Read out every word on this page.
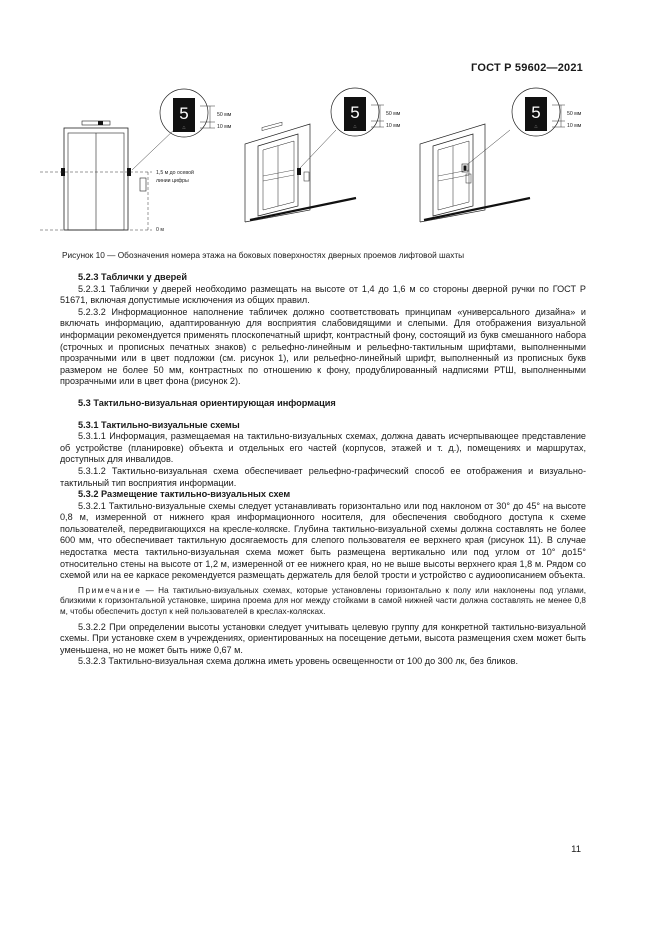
ГОСТ Р 59602—2021
5
∴
50 мм
10 мм
1,5 м до осевой
линии цифры
0 м
5
∴
50 мм
10 мм
5
∴
50 мм
10 мм
Рисунок 10 — Обозначения номера этажа на боковых поверхностях дверных проемов лифтовой шахты
5.2.3 Таблички у дверей

5.2.3.1 Таблички у дверей необходимо размещать на высоте от 1,4 до 1,6 м со стороны дверной ручки по ГОСТ Р 51671, включая допустимые исключения из общих правил.

5.2.3.2 Информационное наполнение табличек должно соответствовать принципам «универсального дизайна» и включать информацию, адаптированную для восприятия слабовидящими и слепыми. Для отображения визуальной информации рекомендуется применять плоскопечатный шрифт, контрастный фону, состоящий из букв смешанного набора (строчных и прописных печатных знаков) с рельефно-линейным и рельефно-тактильным шрифтами, выполненными прозрачными или в цвет подложки (см. рисунок 1), или рельефно-линейный шрифт, выполненный из прописных букв размером не более 50 мм, контрастных по отношению к фону, продублированный надписями РТШ, выполненными прозрачными или в цвет фона (рисунок 2).

5.3 Тактильно-визуальная ориентирующая информация
5.3.1 Тактильно-визуальные схемы

5.3.1.1 Информация, размещаемая на тактильно-визуальных схемах, должна давать исчерпывающее представление об устройстве (планировке) объекта и отдельных его частей (корпусов, этажей и т. д.), помещениях и маршрутах, доступных для инвалидов.

5.3.1.2 Тактильно-визуальная схема обеспечивает рельефно-графический способ ее отображения и визуально-тактильный тип восприятия информации.

5.3.2 Размещение тактильно-визуальных схем

5.3.2.1 Тактильно-визуальные схемы следует устанавливать горизонтально или под наклоном от 30° до 45° на высоте 0,8 м, измеренной от нижнего края информационного носителя, для обеспечения свободного доступа к схеме пользователей, передвигающихся на кресле-коляске. Глубина тактильно-визуальной схемы должна составлять не более 600 мм, что обеспечивает тактильную досягаемость для слепого пользователя ее верхнего края (рисунок 11). В случае недостатка места тактильно-визуальная схема может быть размещена вертикально или под углом от 10° до15° относительно стены на высоте от 1,2 м, измеренной от ее нижнего края, но не выше высоты верхнего края 1,8 м. Рядом со схемой или на ее каркасе рекомендуется размещать держатель для белой трости и устройство с аудиоописанием объекта.

Примечание — На тактильно-визуальных схемах, которые установлены горизонтально к полу или наклонены под углами, близкими к горизонтальной установке, ширина проема для ног между стойками в самой нижней части должна составлять не менее 0,8 м, чтобы обеспечить доступ к ней пользователей в креслах-колясках.

5.3.2.2 При определении высоты установки следует учитывать целевую группу для конкретной тактильно-визуальной схемы. При установке схем в учреждениях, ориентированных на посещение детьми, высота размещения схем может быть уменьшена, но не может быть ниже 0,67 м.

5.3.2.3 Тактильно-визуальная схема должна иметь уровень освещенности от 100 до 300 лк, без бликов.

11
